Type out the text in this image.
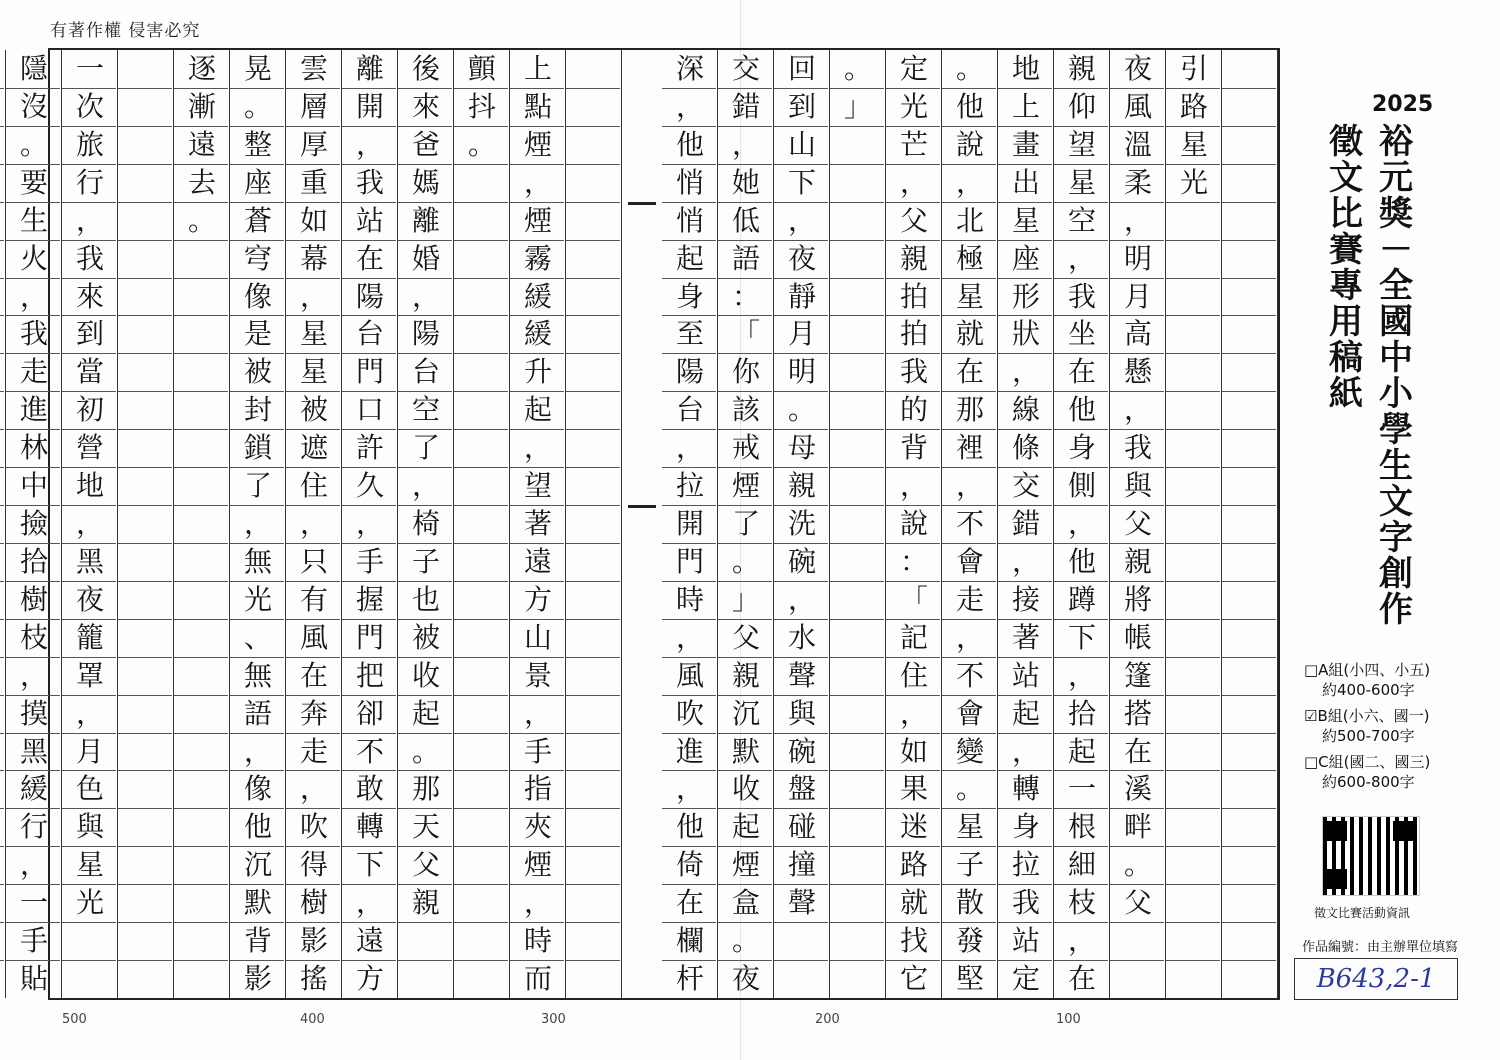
有著作權 侵害必究
引
路
星
光
夜
風
溫
柔
，
明
月
高
懸
，
我
與
父
親
將
帳
篷
搭
在
溪
畔
。
父
親
仰
望
星
空
，
我
坐
在
他
身
側
，
他
蹲
下
，
拾
起
一
根
細
枝
，
在
地
上
畫
出
星
座
形
狀
，
線
條
交
錯
，
接
著
站
起
，
轉
身
拉
我
站
定
。
他
說
，
北
極
星
就
在
那
裡
，
不
會
走
，
不
會
變
。
星
子
散
發
堅
定
光
芒
，
父
親
拍
拍
我
的
背
，
說
：
「
記
住
，
如
果
迷
路
就
找
它
。
」
回
到
山
下
，
夜
靜
月
明
。
母
親
洗
碗
，
水
聲
與
碗
盤
碰
撞
聲
交
錯
，
她
低
語
：
「
你
該
戒
煙
了
。
」
父
親
沉
默
收
起
煙
盒
。
夜
深
，
他
悄
悄
起
身
至
陽
台
，
拉
開
門
時
，
風
吹
進
，
他
倚
在
欄
杆
上
點
煙
，
煙
霧
緩
緩
升
起
，
望
著
遠
方
山
景
，
手
指
夾
煙
，
時
而
顫
抖
。
後
來
爸
媽
離
婚
，
陽
台
空
了
，
椅
子
也
被
收
起
。
那
天
父
親
離
開
，
我
站
在
陽
台
門
口
許
久
，
手
握
門
把
卻
不
敢
轉
下
，
遠
方
雲
層
厚
重
如
幕
，
星
星
被
遮
住
，
只
有
風
在
奔
走
，
吹
得
樹
影
搖
晃
。
整
座
蒼
穹
像
是
被
封
鎖
了
，
無
光
、
無
語
，
像
他
沉
默
背
影
逐
漸
遠
去
。
一
次
旅
行
，
我
來
到
當
初
營
地
，
黑
夜
籠
罩
，
月
色
與
星
光
隱
沒
。
要
生
火
，
我
走
進
林
中
撿
拾
樹
枝
，
摸
黑
緩
行
，
一
手
貼
500	400	300	200	100
2025
裕
元
獎
－
全
國
中
小
學
生
文
字
創
作
徵
文
比
賽
專
用
稿
紙
□A組(小四、小五)
約400-600字
☑B組(小六、國一)
約500-700字
□C組(國二、國三)
約600-800字
徵文比賽活動資訊
作品編號：由主辦單位填寫
B643,2-1
